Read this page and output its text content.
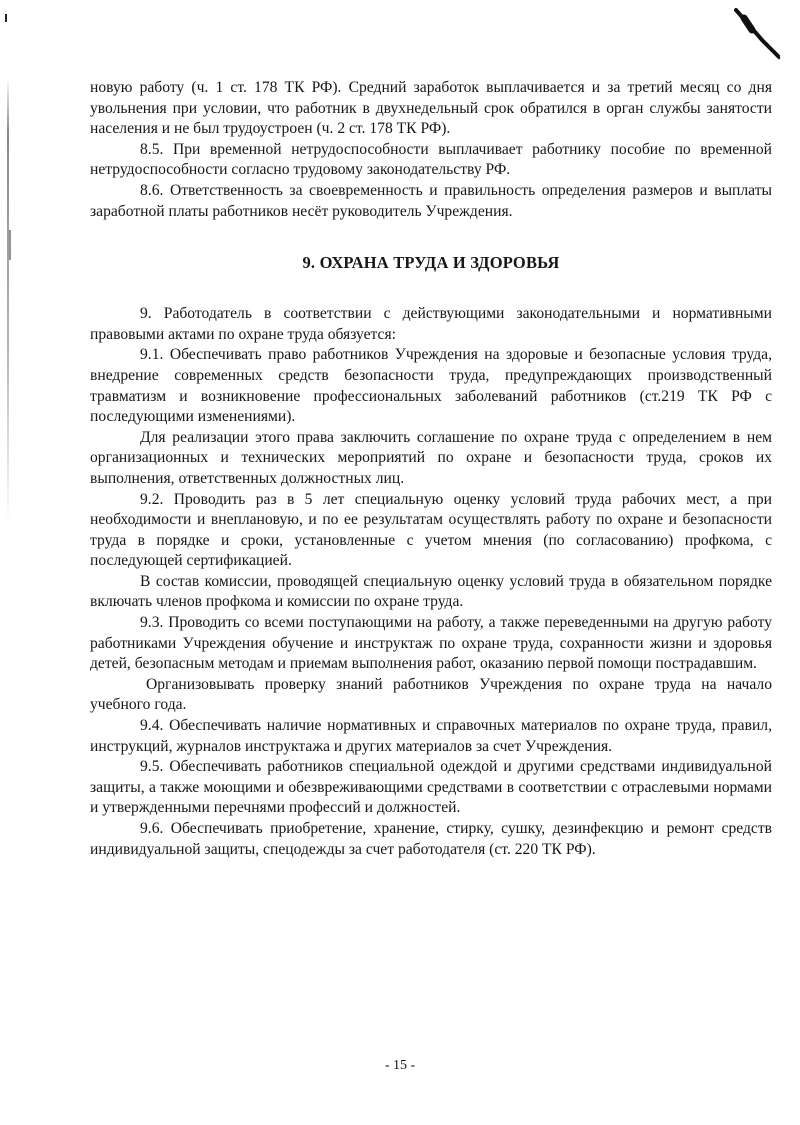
новую работу (ч. 1 ст. 178 ТК РФ). Средний заработок выплачивается и за третий месяц со дня увольнения при условии, что работник в двухнедельный срок обратился в орган службы занятости населения и не был трудоустроен (ч. 2 ст. 178 ТК РФ).

8.5. При временной нетрудоспособности выплачивает работнику пособие по временной нетрудоспособности согласно трудовому законодательству РФ.

8.6. Ответственность за своевременность и правильность определения размеров и выплаты заработной платы работников несёт руководитель Учреждения.

9. ОХРАНА ТРУДА И ЗДОРОВЬЯ

9. Работодатель в соответствии с действующими законодательными и нормативными правовыми актами по охране труда обязуется:

9.1. Обеспечивать право работников Учреждения на здоровые и безопасные условия труда, внедрение современных средств безопасности труда, предупреждающих производственный травматизм и возникновение профессиональных заболеваний работников (ст.219 ТК РФ с последующими изменениями).

Для реализации этого права заключить соглашение по охране труда с определением в нем организационных и технических мероприятий по охране и безопасности труда, сроков их выполнения, ответственных должностных лиц.

9.2. Проводить раз в 5 лет специальную оценку условий труда рабочих мест, а при необходимости и внеплановую, и по ее результатам осуществлять работу по охране и безопасности труда в порядке и сроки, установленные с учетом мнения (по согласованию) профкома, с последующей сертификацией.

В состав комиссии, проводящей специальную оценку условий труда в обязательном порядке включать членов профкома и комиссии по охране труда.

9.3. Проводить со всеми поступающими на работу, а также переведенными на другую работу работниками Учреждения обучение и инструктаж по охране труда, сохранности жизни и здоровья детей, безопасным методам и приемам выполнения работ, оказанию первой помощи пострадавшим.

Организовывать проверку знаний работников Учреждения по охране труда на начало учебного года.

9.4. Обеспечивать наличие нормативных и справочных материалов по охране труда, правил, инструкций, журналов инструктажа и других материалов за счет Учреждения.

9.5. Обеспечивать работников специальной одеждой и другими средствами индивидуальной защиты, а также моющими и обезвреживающими средствами в соответствии с отраслевыми нормами и утвержденными перечнями профессий и должностей.

9.6. Обеспечивать приобретение, хранение, стирку, сушку, дезинфекцию и ремонт средств индивидуальной защиты, спецодежды за счет работодателя (ст. 220 ТК РФ).

- 15 -
